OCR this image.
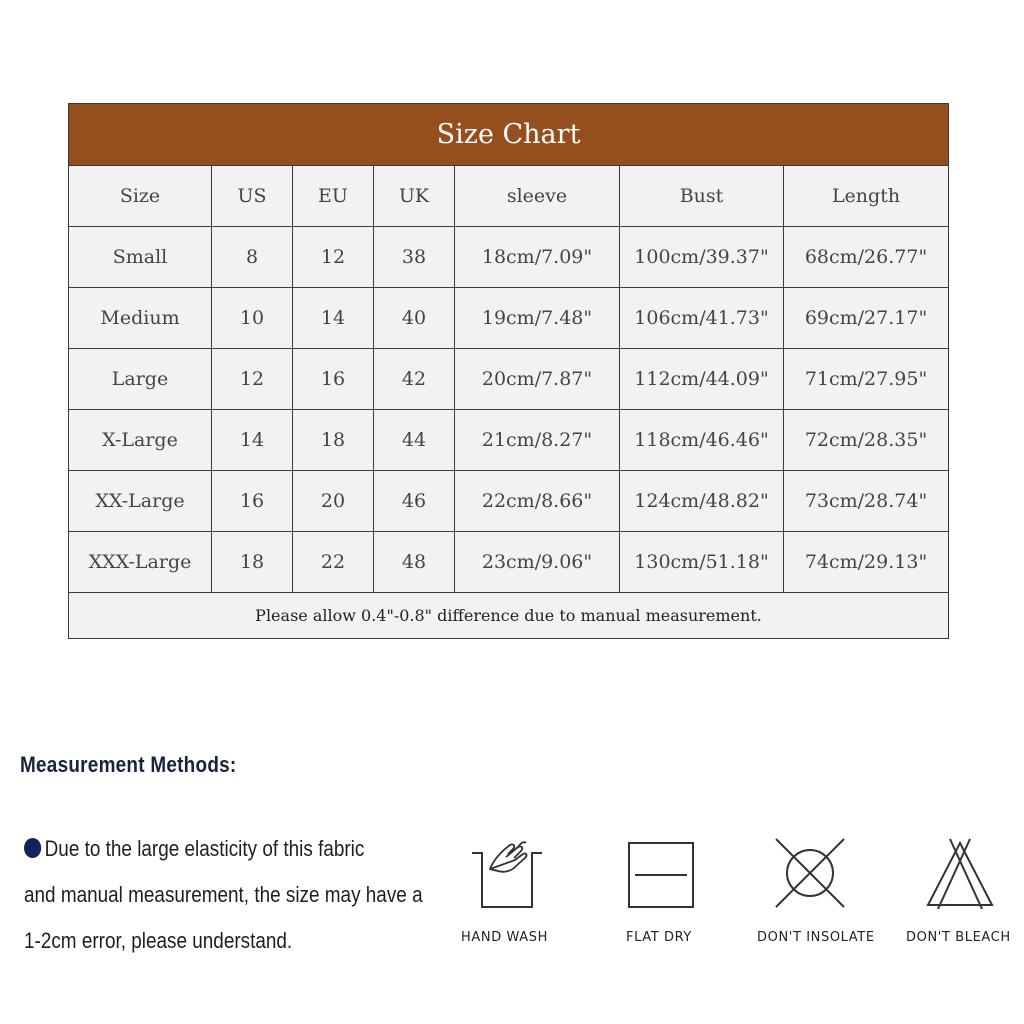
Size Chart						
Size	US	EU	UK	sleeve	Bust	Length
Small	8	12	38	18cm/7.09"	100cm/39.37"	68cm/26.77"
Medium	10	14	40	19cm/7.48"	106cm/41.73"	69cm/27.17"
Large	12	16	42	20cm/7.87"	112cm/44.09"	71cm/27.95"
X-Large	14	18	44	21cm/8.27"	118cm/46.46"	72cm/28.35"
XX-Large	16	20	46	22cm/8.66"	124cm/48.82"	73cm/28.74"
XXX-Large	18	22	48	23cm/9.06"	130cm/51.18"	74cm/29.13"
Please allow 0.4"-0.8" difference due to manual measurement.						
Measurement Methods:
Due to the large elasticity of this fabric
and manual measurement, the size may have a
1-2cm error, please understand.	HAND WASH	FLAT DRY	DON'T INSOLATE DON'T BLEACH
